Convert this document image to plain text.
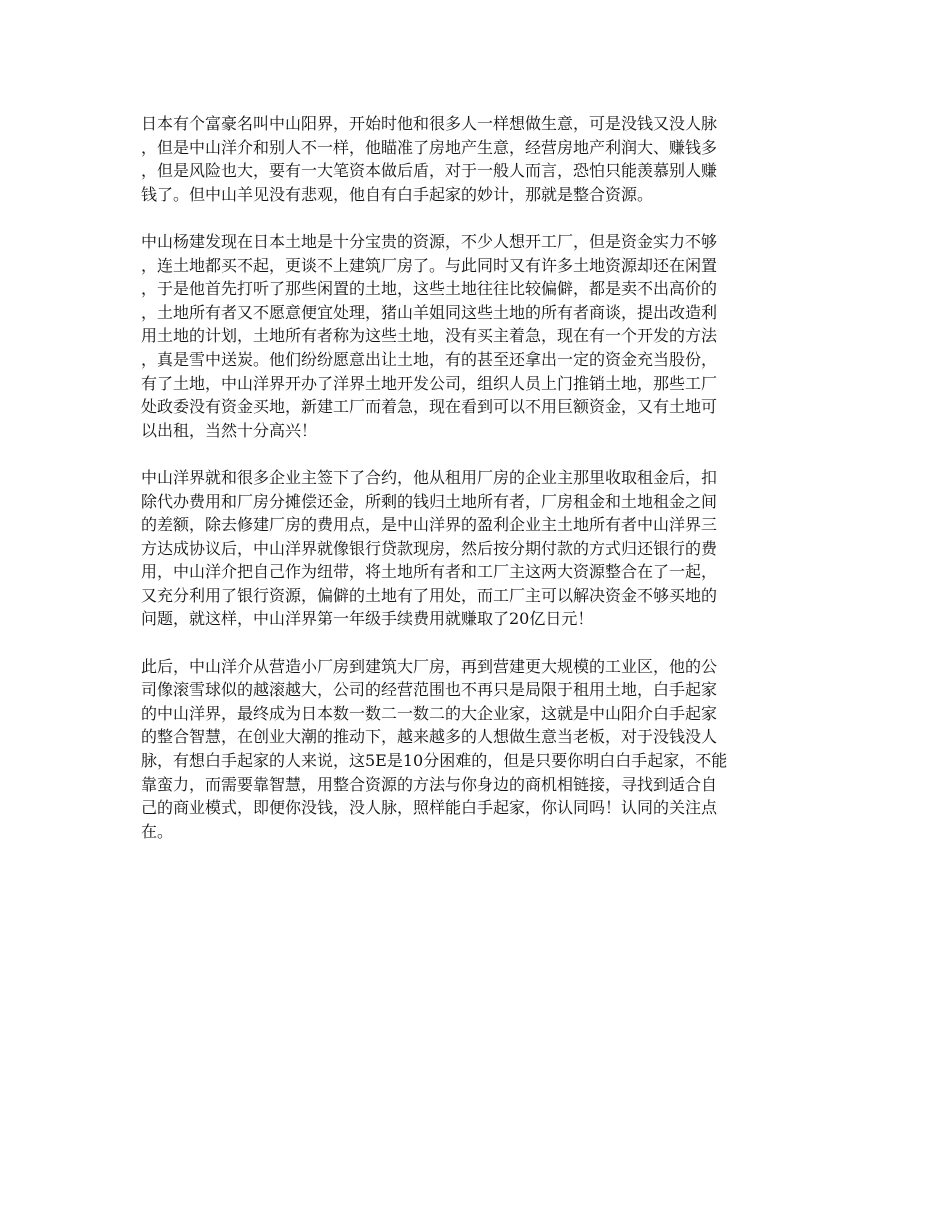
日本有个富豪名叫中山阳界，开始时他和很多人一样想做生意，可是没钱又没人脉
，但是中山洋介和别人不一样，他瞄准了房地产生意，经营房地产利润大、赚钱多
，但是风险也大，要有一大笔资本做后盾，对于一般人而言，恐怕只能羡慕别人赚
钱了。但中山羊见没有悲观，他自有白手起家的妙计，那就是整合资源。
中山杨建发现在日本土地是十分宝贵的资源，不少人想开工厂，但是资金实力不够
，连土地都买不起，更谈不上建筑厂房了。与此同时又有许多土地资源却还在闲置
，于是他首先打听了那些闲置的土地，这些土地往往比较偏僻，都是卖不出高价的
，土地所有者又不愿意便宜处理，猪山羊姐同这些土地的所有者商谈，提出改造利
用土地的计划，土地所有者称为这些土地，没有买主着急，现在有一个开发的方法
，真是雪中送炭。他们纷纷愿意出让土地，有的甚至还拿出一定的资金充当股份，
有了土地，中山洋界开办了洋界土地开发公司，组织人员上门推销土地，那些工厂
处政委没有资金买地，新建工厂而着急，现在看到可以不用巨额资金，又有土地可
以出租，当然十分高兴！
中山洋界就和很多企业主签下了合约，他从租用厂房的企业主那里收取租金后，扣
除代办费用和厂房分摊偿还金，所剩的钱归土地所有者，厂房租金和土地租金之间
的差额，除去修建厂房的费用点，是中山洋界的盈利企业主土地所有者中山洋界三
方达成协议后，中山洋界就像银行贷款现房，然后按分期付款的方式归还银行的费
用，中山洋介把自己作为纽带，将土地所有者和工厂主这两大资源整合在了一起，
又充分利用了银行资源，偏僻的土地有了用处，而工厂主可以解决资金不够买地的
问题，就这样，中山洋界第一年级手续费用就赚取了20亿日元！
此后，中山洋介从营造小厂房到建筑大厂房，再到营建更大规模的工业区，他的公
司像滚雪球似的越滚越大，公司的经营范围也不再只是局限于租用土地，白手起家
的中山洋界，最终成为日本数一数二一数二的大企业家，这就是中山阳介白手起家
的整合智慧，在创业大潮的推动下，越来越多的人想做生意当老板，对于没钱没人
脉，有想白手起家的人来说，这5E是10分困难的，但是只要你明白白手起家，不能
靠蛮力，而需要靠智慧，用整合资源的方法与你身边的商机相链接，寻找到适合自
己的商业模式，即便你没钱，没人脉，照样能白手起家，你认同吗！认同的关注点
在。
